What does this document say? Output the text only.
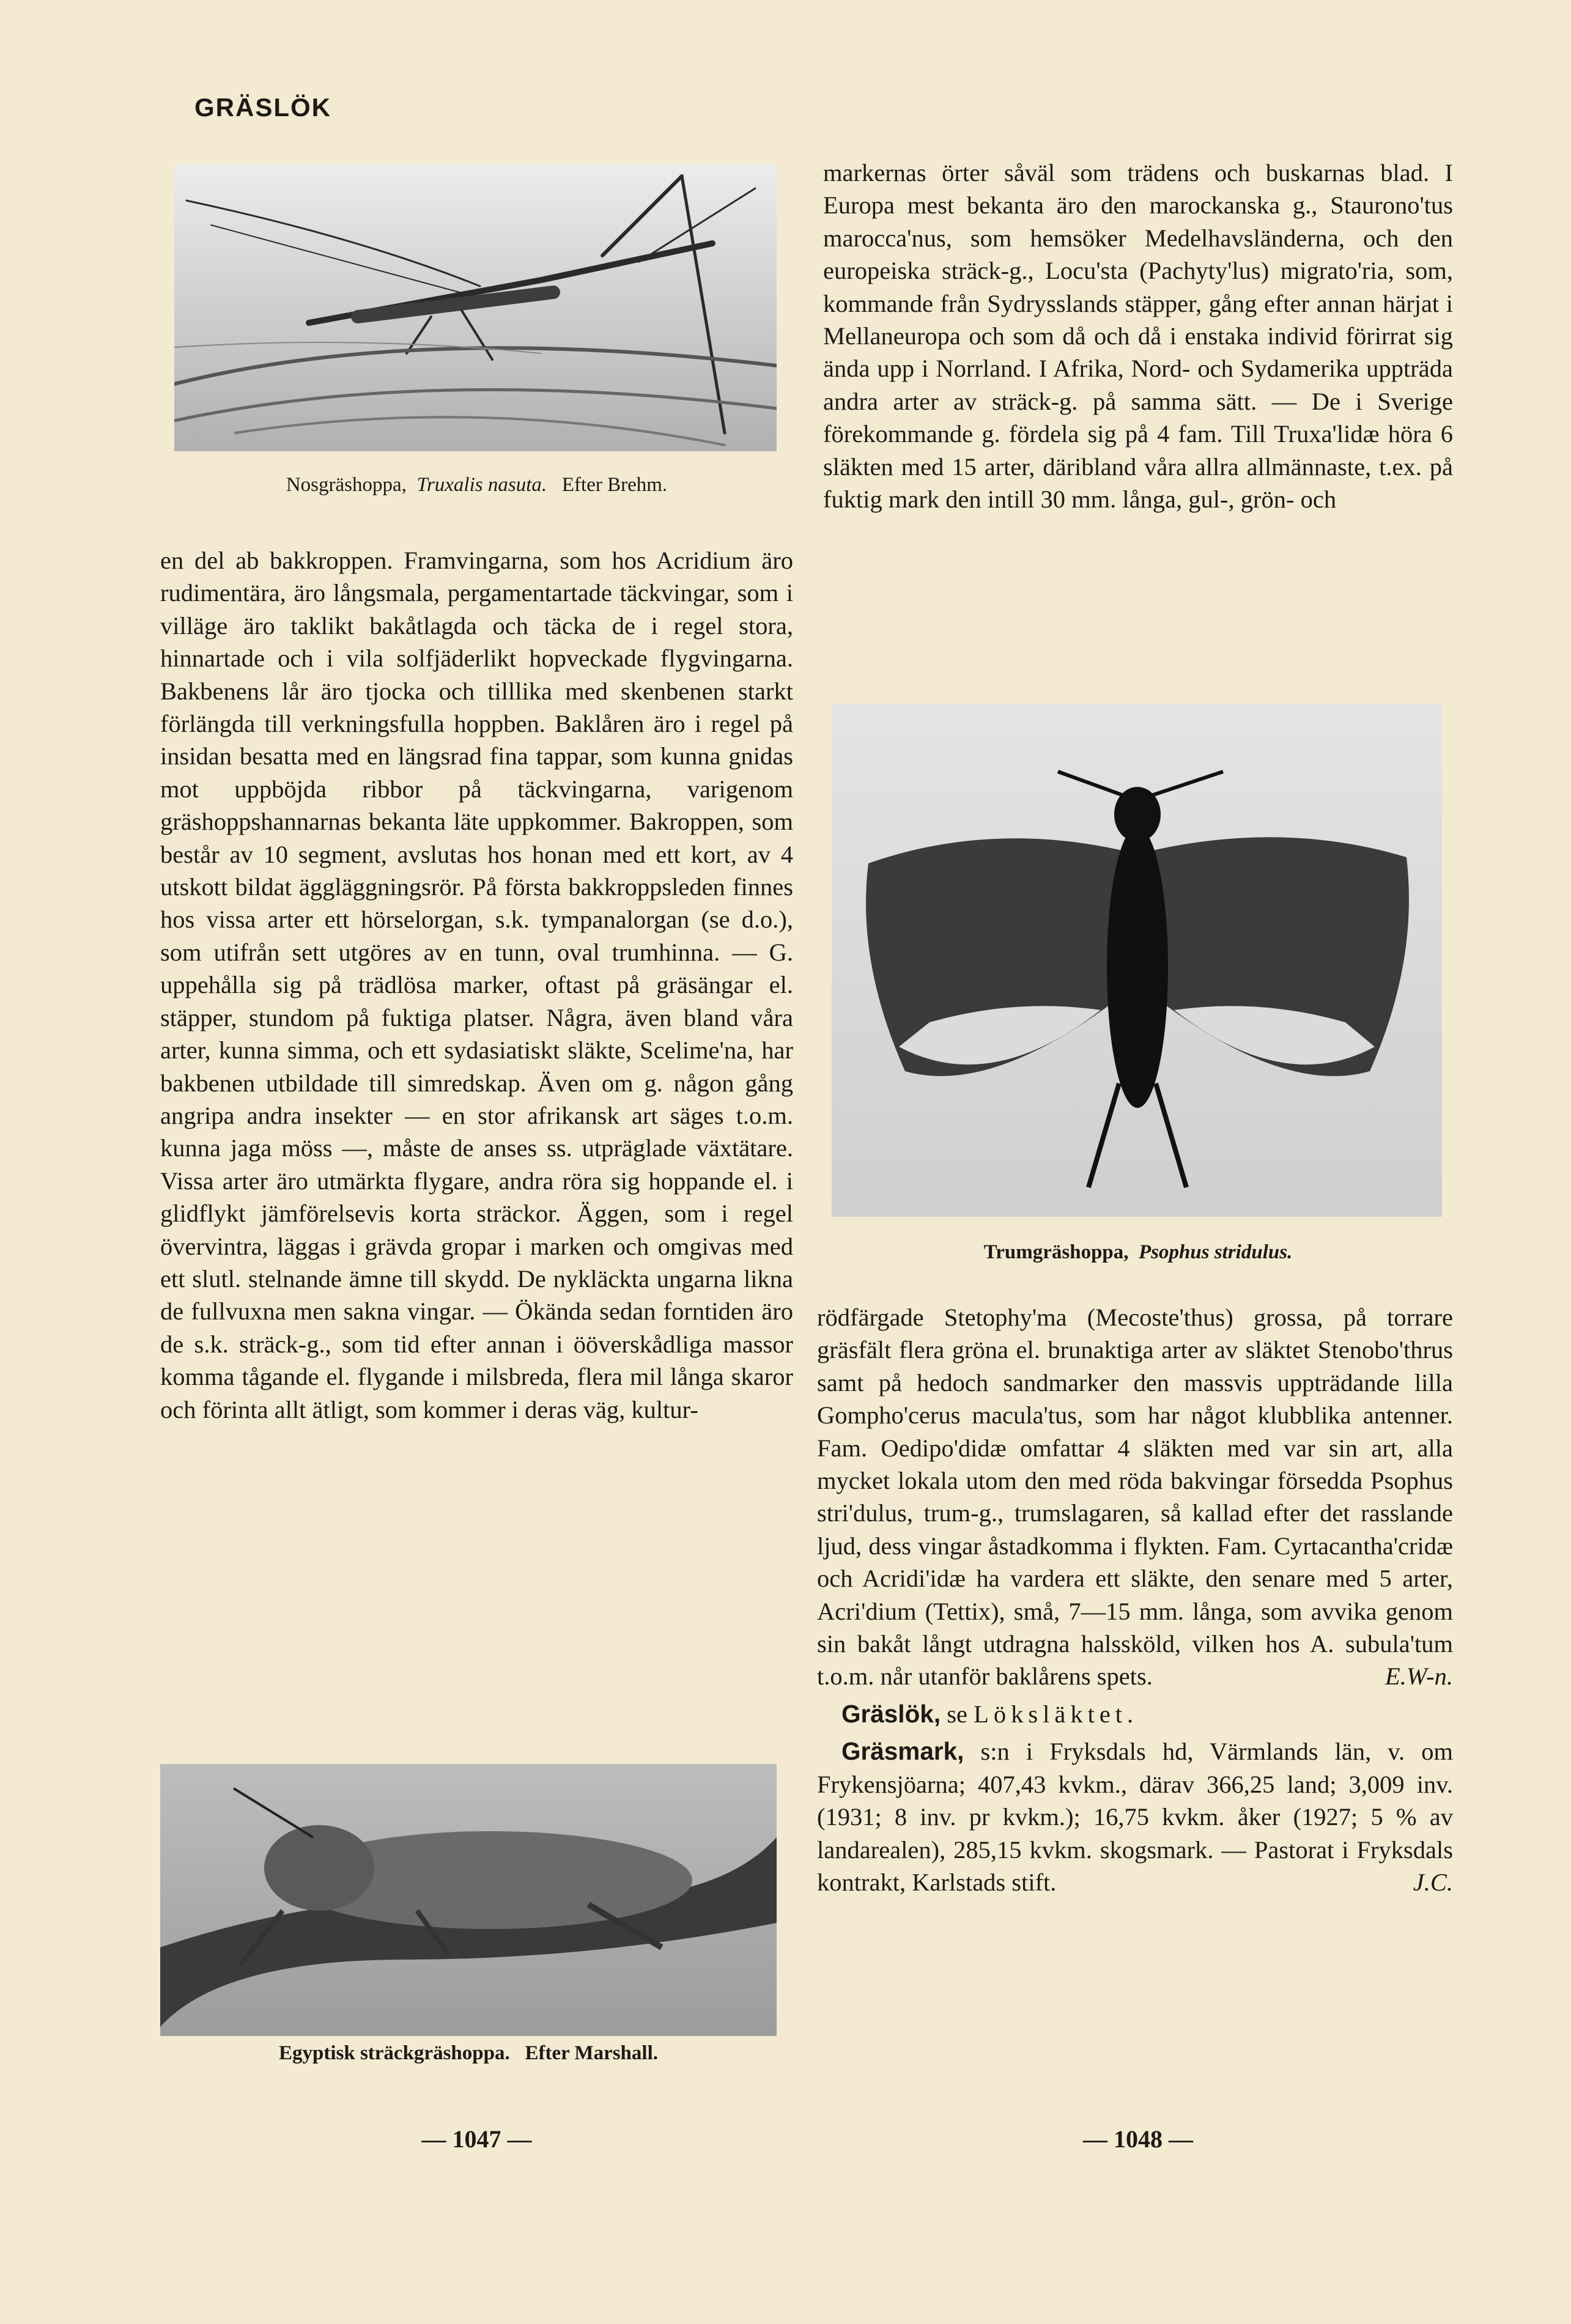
GRÄSLÖK
Nosgräshoppa, Truxalis nasuta. Efter Brehm.

en del ab bakkroppen. Framvingarna, som hos Acridium äro rudimentära, äro långsmala, pergamentartade täckvingar, som i villäge äro taklikt bakåtlagda och täcka de i regel stora, hinnartade och i vila solfjäderlikt hopveckade flygvingarna. Bakbenens lår äro tjocka och tilllika med skenbenen starkt förlängda till verkningsfulla hoppben. Baklåren äro i regel på insidan besatta med en längsrad fina tappar, som kunna gnidas mot uppböjda ribbor på täckvingarna, varigenom gräshoppshannarnas bekanta läte uppkommer. Bakroppen, som består av 10 segment, avslutas hos honan med ett kort, av 4 utskott bildat äggläggningsrör. På första bakkroppsleden finnes hos vissa arter ett hörselorgan, s.k. tympanalorgan (se d.o.), som utifrån sett utgöres av en tunn, oval trumhinna. — G. uppehålla sig på trädlösa marker, oftast på gräsängar el. stäpper, stundom på fuktiga platser. Några, även bland våra arter, kunna simma, och ett sydasiatiskt släkte, Scelime'na, har bakbenen utbildade till simredskap. Även om g. någon gång angripa andra insekter — en stor afrikansk art säges t.o.m. kunna jaga möss —, måste de anses ss. utpräglade växtätare. Vissa arter äro utmärkta flygare, andra röra sig hoppande el. i glidflykt jämförelsevis korta sträckor. Äggen, som i regel övervintra, läggas i grävda gropar i marken och omgivas med ett slutl. stelnande ämne till skydd. De nykläckta ungarna likna de fullvuxna men sakna vingar. — Ökända sedan forntiden äro de s.k. sträck-g., som tid efter annan i ööverskådliga massor komma tågande el. flygande i milsbreda, flera mil långa skaror och förinta allt ätligt, som kommer i deras väg, kultur-

Egyptisk sträckgräshoppa. Efter Marshall.
— 1047 —

markernas örter såväl som trädens och buskarnas blad. I Europa mest bekanta äro den marockanska g., Staurono'tus marocca'nus, som hemsöker Medelhavsländerna, och den europeiska sträck-g., Locu'sta (Pachyty'lus) migrato'ria, som, kommande från Sydrysslands stäpper, gång efter annan härjat i Mellaneuropa och som då och då i enstaka individ förirrat sig ända upp i Norrland. I Afrika, Nord- och Sydamerika uppträda andra arter av sträck-g. på samma sätt. — De i Sverige förekommande g. fördela sig på 4 fam. Till Truxa'lidæ höra 6 släkten med 15 arter, däribland våra allra allmännaste, t.ex. på fuktig mark den intill 30 mm. långa, gul-, grön- och

Trumgräshoppa, Psophus stridulus.

rödfärgade Stetophy'ma (Mecoste'thus) grossa, på torrare gräsfält flera gröna el. brunaktiga arter av släktet Stenobo'thrus samt på hedoch sandmarker den massvis uppträdande lilla Gompho'cerus macula'tus, som har något klubblika antenner. Fam. Oedipo'didæ omfattar 4 släkten med var sin art, alla mycket lokala utom den med röda bakvingar försedda Psophus stri'dulus, trum-g., trumslagaren, så kallad efter det rasslande ljud, dess vingar åstadkomma i flykten. Fam. Cyrtacantha'cridæ och Acridi'idæ ha vardera ett släkte, den senare med 5 arter, Acri'dium (Tettix), små, 7—15 mm. långa, som avvika genom sin bakåt långt utdragna halssköld, vilken hos A. subula'tum t.o.m. når utanför baklårens spets.	E.W-n.

Gräslök, se Löksläktet.

Gräsmark, s:n i Fryksdals hd, Värmlands län, v. om Frykensjöarna; 407,43 kvkm., därav 366,25 land; 3,009 inv. (1931; 8 inv. pr kvkm.); 16,75 kvkm. åker (1927; 5 % av landarealen), 285,15 kvkm. skogsmark. — Pastorat i Fryksdals kontrakt, Karlstads stift.	J.C.

— 1048 —
